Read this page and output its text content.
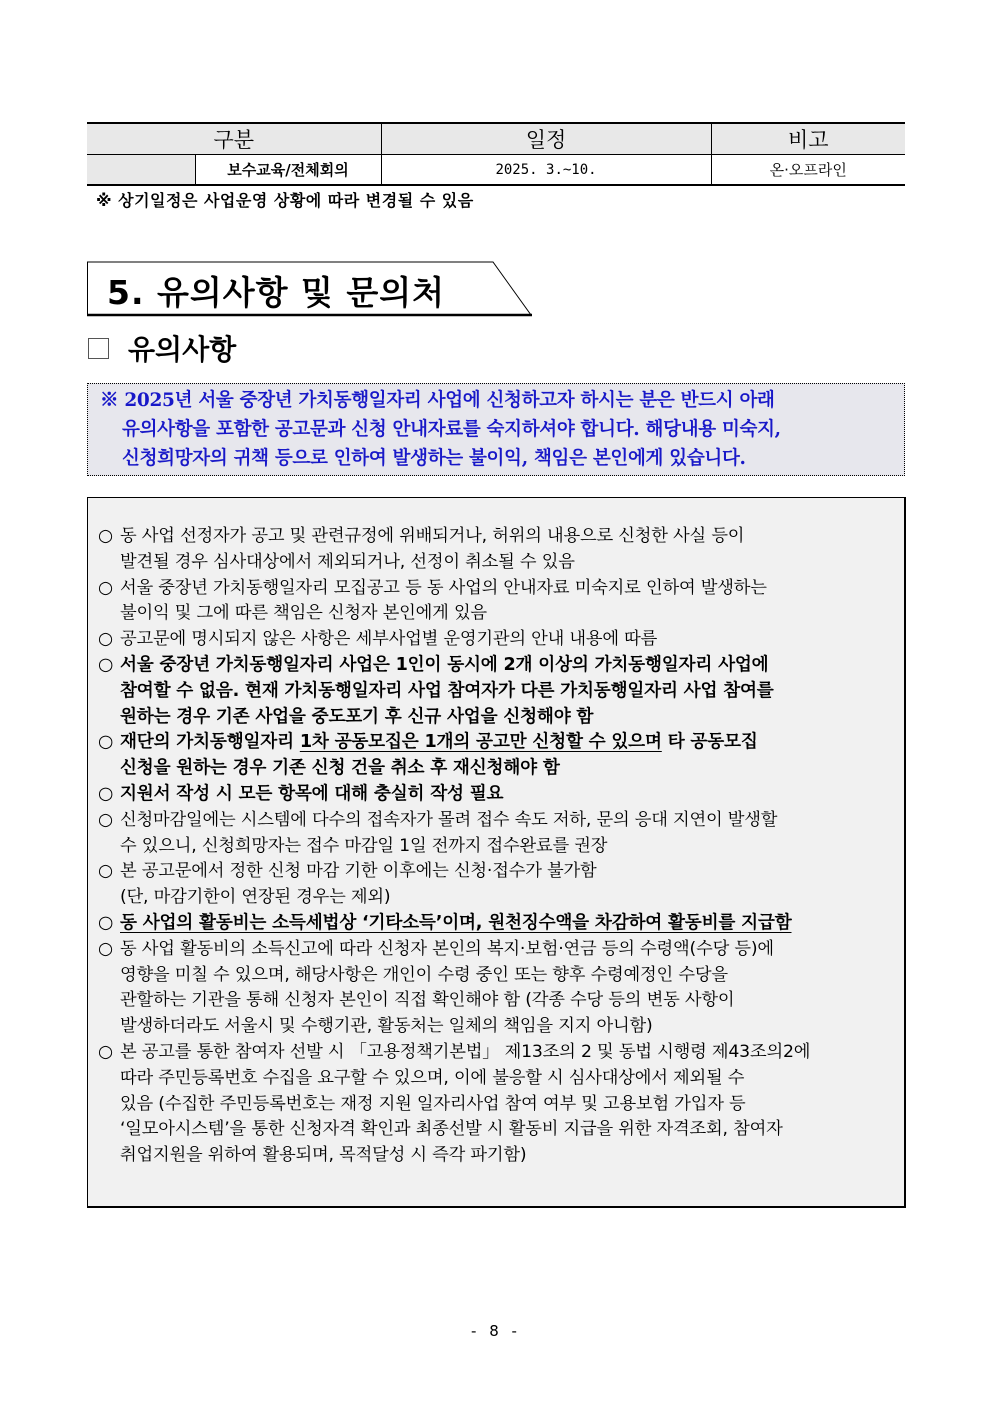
구분		일정	비고
	보수교육/전체회의	2025. 3.~10.	온·오프라인
※ 상기일정은 사업운영 상황에 따라 변경될 수 있음
5. 유의사항 및 문의처
유의사항
※ 2025년 서울 중장년 가치동행일자리 사업에 신청하고자 하시는 분은 반드시 아래
유의사항을 포함한 공고문과 신청 안내자료를 숙지하셔야 합니다. 해당내용 미숙지,
신청희망자의 귀책 등으로 인하여 발생하는 불이익, 책임은 본인에게 있습니다.
○ 동 사업 선정자가 공고 및 관련규정에 위배되거나, 허위의 내용으로 신청한 사실 등이
발견될 경우 심사대상에서 제외되거나, 선정이 취소될 수 있음
○ 서울 중장년 가치동행일자리 모집공고 등 동 사업의 안내자료 미숙지로 인하여 발생하는
불이익 및 그에 따른 책임은 신청자 본인에게 있음
○ 공고문에 명시되지 않은 사항은 세부사업별 운영기관의 안내 내용에 따름
○ 서울 중장년 가치동행일자리 사업은 1인이 동시에 2개 이상의 가치동행일자리 사업에
참여할 수 없음. 현재 가치동행일자리 사업 참여자가 다른 가치동행일자리 사업 참여를
원하는 경우 기존 사업을 중도포기 후 신규 사업을 신청해야 함
○ 재단의 가치동행일자리 1차 공동모집은 1개의 공고만 신청할 수 있으며 타 공동모집
신청을 원하는 경우 기존 신청 건을 취소 후 재신청해야 함
○ 지원서 작성 시 모든 항목에 대해 충실히 작성 필요
○ 신청마감일에는 시스템에 다수의 접속자가 몰려 접수 속도 저하, 문의 응대 지연이 발생할
수 있으니, 신청희망자는 접수 마감일 1일 전까지 접수완료를 권장
○ 본 공고문에서 정한 신청 마감 기한 이후에는 신청·접수가 불가함
(단, 마감기한이 연장된 경우는 제외)
○ 동 사업의 활동비는 소득세법상 ‘기타소득’이며, 원천징수액을 차감하여 활동비를 지급함
○ 동 사업 활동비의 소득신고에 따라 신청자 본인의 복지·보험·연금 등의 수령액(수당 등)에
영향을 미칠 수 있으며, 해당사항은 개인이 수령 중인 또는 향후 수령예정인 수당을
관할하는 기관을 통해 신청자 본인이 직접 확인해야 함 (각종 수당 등의 변동 사항이
발생하더라도 서울시 및 수행기관, 활동처는 일체의 책임을 지지 아니함)
○ 본 공고를 통한 참여자 선발 시 「고용정책기본법」 제13조의 2 및 동법 시행령 제43조의2에
따라 주민등록번호 수집을 요구할 수 있으며, 이에 불응할 시 심사대상에서 제외될 수
있음 (수집한 주민등록번호는 재정 지원 일자리사업 참여 여부 및 고용보험 가입자 등
‘일모아시스템’을 통한 신청자격 확인과 최종선발 시 활동비 지급을 위한 자격조회, 참여자
취업지원을 위하여 활용되며, 목적달성 시 즉각 파기함)
- 8 -
